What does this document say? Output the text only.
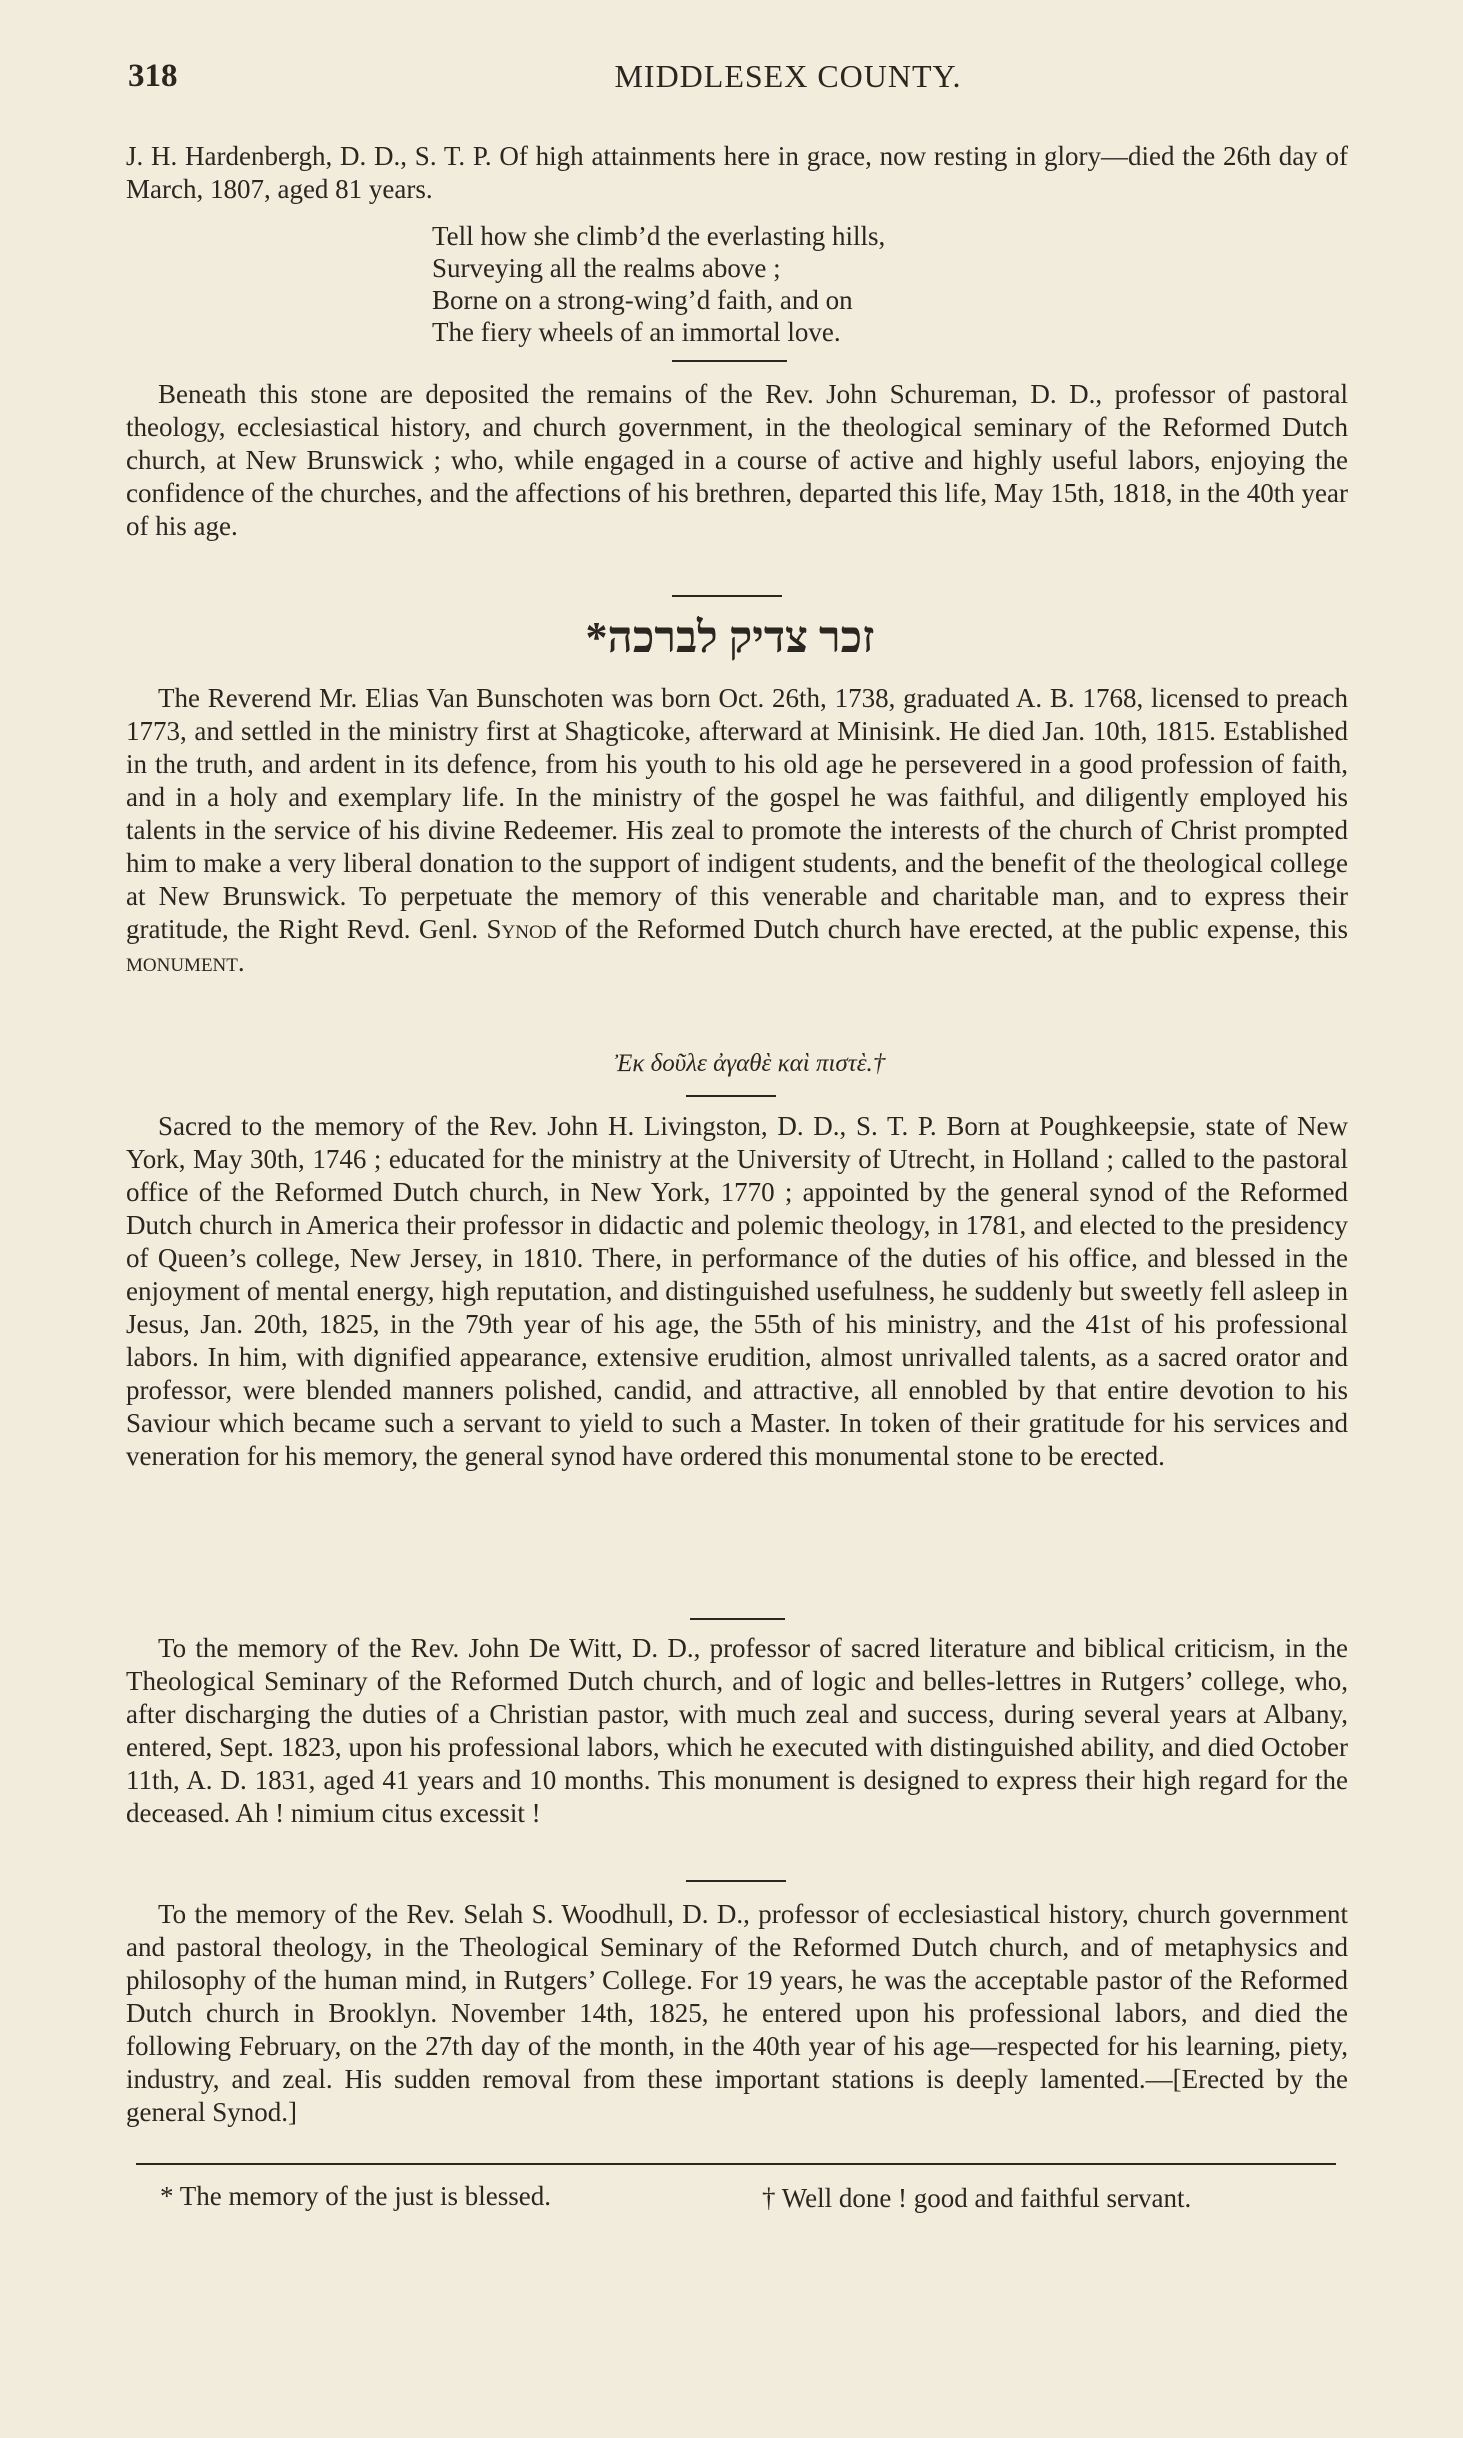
318	MIDDLESEX COUNTY.

J. H. Hardenbergh, D. D., S. T. P. Of high attainments here in grace, now resting in glory—died the 26th day of March, 1807, aged 81 years.

Tell how she climb’d the everlasting hills,
Surveying all the realms above ;
Borne on a strong-wing’d faith, and on
The fiery wheels of an immortal love.

Beneath this stone are deposited the remains of the Rev. John Schureman, D. D., professor of pastoral theology, ecclesiastical history, and church government, in the theological seminary of the Reformed Dutch church, at New Brunswick ; who, while engaged in a course of active and highly useful labors, enjoying the confidence of the churches, and the affections of his brethren, departed this life, May 15th, 1818, in the 40th year of his age.

זכר צדיק לברכה*

The Reverend Mr. Elias Van Bunschoten was born Oct. 26th, 1738, graduated A. B. 1768, licensed to preach 1773, and settled in the ministry first at Shagticoke, afterward at Minisink. He died Jan. 10th, 1815. Established in the truth, and ardent in its defence, from his youth to his old age he persevered in a good profession of faith, and in a holy and exemplary life. In the ministry of the gospel he was faithful, and diligently employed his talents in the service of his divine Redeemer. His zeal to promote the interests of the church of Christ prompted him to make a very liberal donation to the support of indigent students, and the benefit of the theological college at New Brunswick. To perpetuate the memory of this venerable and charitable man, and to express their gratitude, the Right Revd. Genl. Synod of the Reformed Dutch church have erected, at the public expense, this monument.

Ἐκ δοῦλε ἀγαθὲ καὶ πιστὲ.†

Sacred to the memory of the Rev. John H. Livingston, D. D., S. T. P. Born at Poughkeepsie, state of New York, May 30th, 1746 ; educated for the ministry at the University of Utrecht, in Holland ; called to the pastoral office of the Reformed Dutch church, in New York, 1770 ; appointed by the general synod of the Reformed Dutch church in America their professor in didactic and polemic theology, in 1781, and elected to the presidency of Queen’s college, New Jersey, in 1810. There, in performance of the duties of his office, and blessed in the enjoyment of mental energy, high reputation, and distinguished usefulness, he suddenly but sweetly fell asleep in Jesus, Jan. 20th, 1825, in the 79th year of his age, the 55th of his ministry, and the 41st of his professional labors. In him, with dignified appearance, extensive erudition, almost unrivalled talents, as a sacred orator and professor, were blended manners polished, candid, and attractive, all ennobled by that entire devotion to his Saviour which became such a servant to yield to such a Master. In token of their gratitude for his services and veneration for his memory, the general synod have ordered this monumental stone to be erected.

To the memory of the Rev. John De Witt, D. D., professor of sacred literature and biblical criticism, in the Theological Seminary of the Reformed Dutch church, and of logic and belles-lettres in Rutgers’ college, who, after discharging the duties of a Christian pastor, with much zeal and success, during several years at Albany, entered, Sept. 1823, upon his professional labors, which he executed with distinguished ability, and died October 11th, A. D. 1831, aged 41 years and 10 months. This monument is designed to express their high regard for the deceased. Ah ! nimium citus excessit !

To the memory of the Rev. Selah S. Woodhull, D. D., professor of ecclesiastical history, church government and pastoral theology, in the Theological Seminary of the Reformed Dutch church, and of metaphysics and philosophy of the human mind, in Rutgers’ College. For 19 years, he was the acceptable pastor of the Reformed Dutch church in Brooklyn. November 14th, 1825, he entered upon his professional labors, and died the following February, on the 27th day of the month, in the 40th year of his age—respected for his learning, piety, industry, and zeal. His sudden removal from these important stations is deeply lamented.—[Erected by the general Synod.]

* The memory of the just is blessed.	† Well done ! good and faithful servant.
